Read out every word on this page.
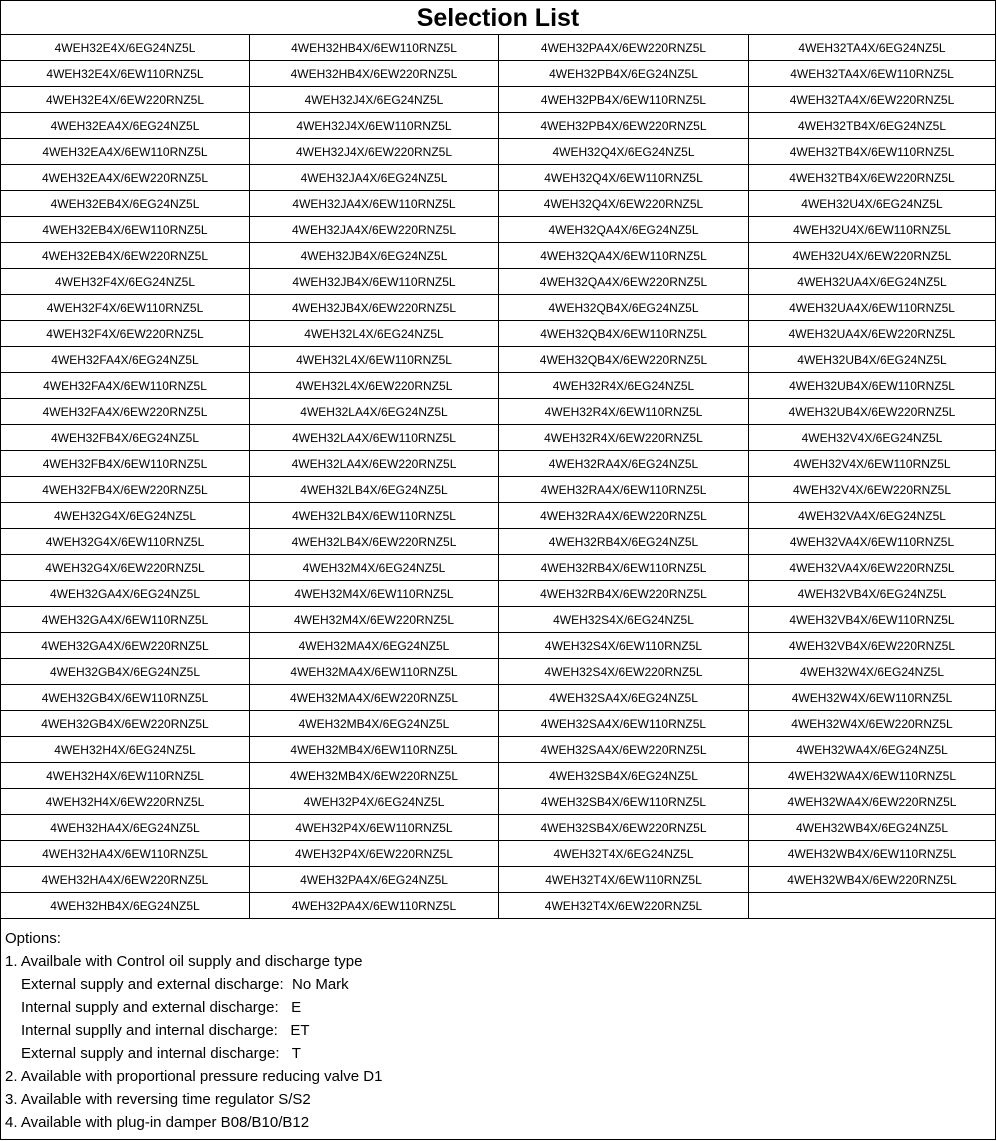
Selection List
4WEH32E4X/6EG24NZ5L	4WEH32HB4X/6EW110RNZ5L	4WEH32PA4X/6EW220RNZ5L	4WEH32TA4X/6EG24NZ5L
4WEH32E4X/6EW110RNZ5L	4WEH32HB4X/6EW220RNZ5L	4WEH32PB4X/6EG24NZ5L	4WEH32TA4X/6EW110RNZ5L
4WEH32E4X/6EW220RNZ5L	4WEH32J4X/6EG24NZ5L	4WEH32PB4X/6EW110RNZ5L	4WEH32TA4X/6EW220RNZ5L
4WEH32EA4X/6EG24NZ5L	4WEH32J4X/6EW110RNZ5L	4WEH32PB4X/6EW220RNZ5L	4WEH32TB4X/6EG24NZ5L
4WEH32EA4X/6EW110RNZ5L	4WEH32J4X/6EW220RNZ5L	4WEH32Q4X/6EG24NZ5L	4WEH32TB4X/6EW110RNZ5L
4WEH32EA4X/6EW220RNZ5L	4WEH32JA4X/6EG24NZ5L	4WEH32Q4X/6EW110RNZ5L	4WEH32TB4X/6EW220RNZ5L
4WEH32EB4X/6EG24NZ5L	4WEH32JA4X/6EW110RNZ5L	4WEH32Q4X/6EW220RNZ5L	4WEH32U4X/6EG24NZ5L
4WEH32EB4X/6EW110RNZ5L	4WEH32JA4X/6EW220RNZ5L	4WEH32QA4X/6EG24NZ5L	4WEH32U4X/6EW110RNZ5L
4WEH32EB4X/6EW220RNZ5L	4WEH32JB4X/6EG24NZ5L	4WEH32QA4X/6EW110RNZ5L	4WEH32U4X/6EW220RNZ5L
4WEH32F4X/6EG24NZ5L	4WEH32JB4X/6EW110RNZ5L	4WEH32QA4X/6EW220RNZ5L	4WEH32UA4X/6EG24NZ5L
4WEH32F4X/6EW110RNZ5L	4WEH32JB4X/6EW220RNZ5L	4WEH32QB4X/6EG24NZ5L	4WEH32UA4X/6EW110RNZ5L
4WEH32F4X/6EW220RNZ5L	4WEH32L4X/6EG24NZ5L	4WEH32QB4X/6EW110RNZ5L	4WEH32UA4X/6EW220RNZ5L
4WEH32FA4X/6EG24NZ5L	4WEH32L4X/6EW110RNZ5L	4WEH32QB4X/6EW220RNZ5L	4WEH32UB4X/6EG24NZ5L
4WEH32FA4X/6EW110RNZ5L	4WEH32L4X/6EW220RNZ5L	4WEH32R4X/6EG24NZ5L	4WEH32UB4X/6EW110RNZ5L
4WEH32FA4X/6EW220RNZ5L	4WEH32LA4X/6EG24NZ5L	4WEH32R4X/6EW110RNZ5L	4WEH32UB4X/6EW220RNZ5L
4WEH32FB4X/6EG24NZ5L	4WEH32LA4X/6EW110RNZ5L	4WEH32R4X/6EW220RNZ5L	4WEH32V4X/6EG24NZ5L
4WEH32FB4X/6EW110RNZ5L	4WEH32LA4X/6EW220RNZ5L	4WEH32RA4X/6EG24NZ5L	4WEH32V4X/6EW110RNZ5L
4WEH32FB4X/6EW220RNZ5L	4WEH32LB4X/6EG24NZ5L	4WEH32RA4X/6EW110RNZ5L	4WEH32V4X/6EW220RNZ5L
4WEH32G4X/6EG24NZ5L	4WEH32LB4X/6EW110RNZ5L	4WEH32RA4X/6EW220RNZ5L	4WEH32VA4X/6EG24NZ5L
4WEH32G4X/6EW110RNZ5L	4WEH32LB4X/6EW220RNZ5L	4WEH32RB4X/6EG24NZ5L	4WEH32VA4X/6EW110RNZ5L
4WEH32G4X/6EW220RNZ5L	4WEH32M4X/6EG24NZ5L	4WEH32RB4X/6EW110RNZ5L	4WEH32VA4X/6EW220RNZ5L
4WEH32GA4X/6EG24NZ5L	4WEH32M4X/6EW110RNZ5L	4WEH32RB4X/6EW220RNZ5L	4WEH32VB4X/6EG24NZ5L
4WEH32GA4X/6EW110RNZ5L	4WEH32M4X/6EW220RNZ5L	4WEH32S4X/6EG24NZ5L	4WEH32VB4X/6EW110RNZ5L
4WEH32GA4X/6EW220RNZ5L	4WEH32MA4X/6EG24NZ5L	4WEH32S4X/6EW110RNZ5L	4WEH32VB4X/6EW220RNZ5L
4WEH32GB4X/6EG24NZ5L	4WEH32MA4X/6EW110RNZ5L	4WEH32S4X/6EW220RNZ5L	4WEH32W4X/6EG24NZ5L
4WEH32GB4X/6EW110RNZ5L	4WEH32MA4X/6EW220RNZ5L	4WEH32SA4X/6EG24NZ5L	4WEH32W4X/6EW110RNZ5L
4WEH32GB4X/6EW220RNZ5L	4WEH32MB4X/6EG24NZ5L	4WEH32SA4X/6EW110RNZ5L	4WEH32W4X/6EW220RNZ5L
4WEH32H4X/6EG24NZ5L	4WEH32MB4X/6EW110RNZ5L	4WEH32SA4X/6EW220RNZ5L	4WEH32WA4X/6EG24NZ5L
4WEH32H4X/6EW110RNZ5L	4WEH32MB4X/6EW220RNZ5L	4WEH32SB4X/6EG24NZ5L	4WEH32WA4X/6EW110RNZ5L
4WEH32H4X/6EW220RNZ5L	4WEH32P4X/6EG24NZ5L	4WEH32SB4X/6EW110RNZ5L	4WEH32WA4X/6EW220RNZ5L
4WEH32HA4X/6EG24NZ5L	4WEH32P4X/6EW110RNZ5L	4WEH32SB4X/6EW220RNZ5L	4WEH32WB4X/6EG24NZ5L
4WEH32HA4X/6EW110RNZ5L	4WEH32P4X/6EW220RNZ5L	4WEH32T4X/6EG24NZ5L	4WEH32WB4X/6EW110RNZ5L
4WEH32HA4X/6EW220RNZ5L	4WEH32PA4X/6EG24NZ5L	4WEH32T4X/6EW110RNZ5L	4WEH32WB4X/6EW220RNZ5L
4WEH32HB4X/6EG24NZ5L	4WEH32PA4X/6EW110RNZ5L	4WEH32T4X/6EW220RNZ5L	
Options:
1. Availbale with Control oil supply and discharge type
External supply and external discharge:  No Mark
Internal supply and external discharge:   E
Internal supplly and internal discharge:   ET
External supply and internal discharge:   T
2. Available with proportional pressure reducing valve D1
3. Available with reversing time regulator S/S2
4. Available with plug-in damper B08/B10/B12
